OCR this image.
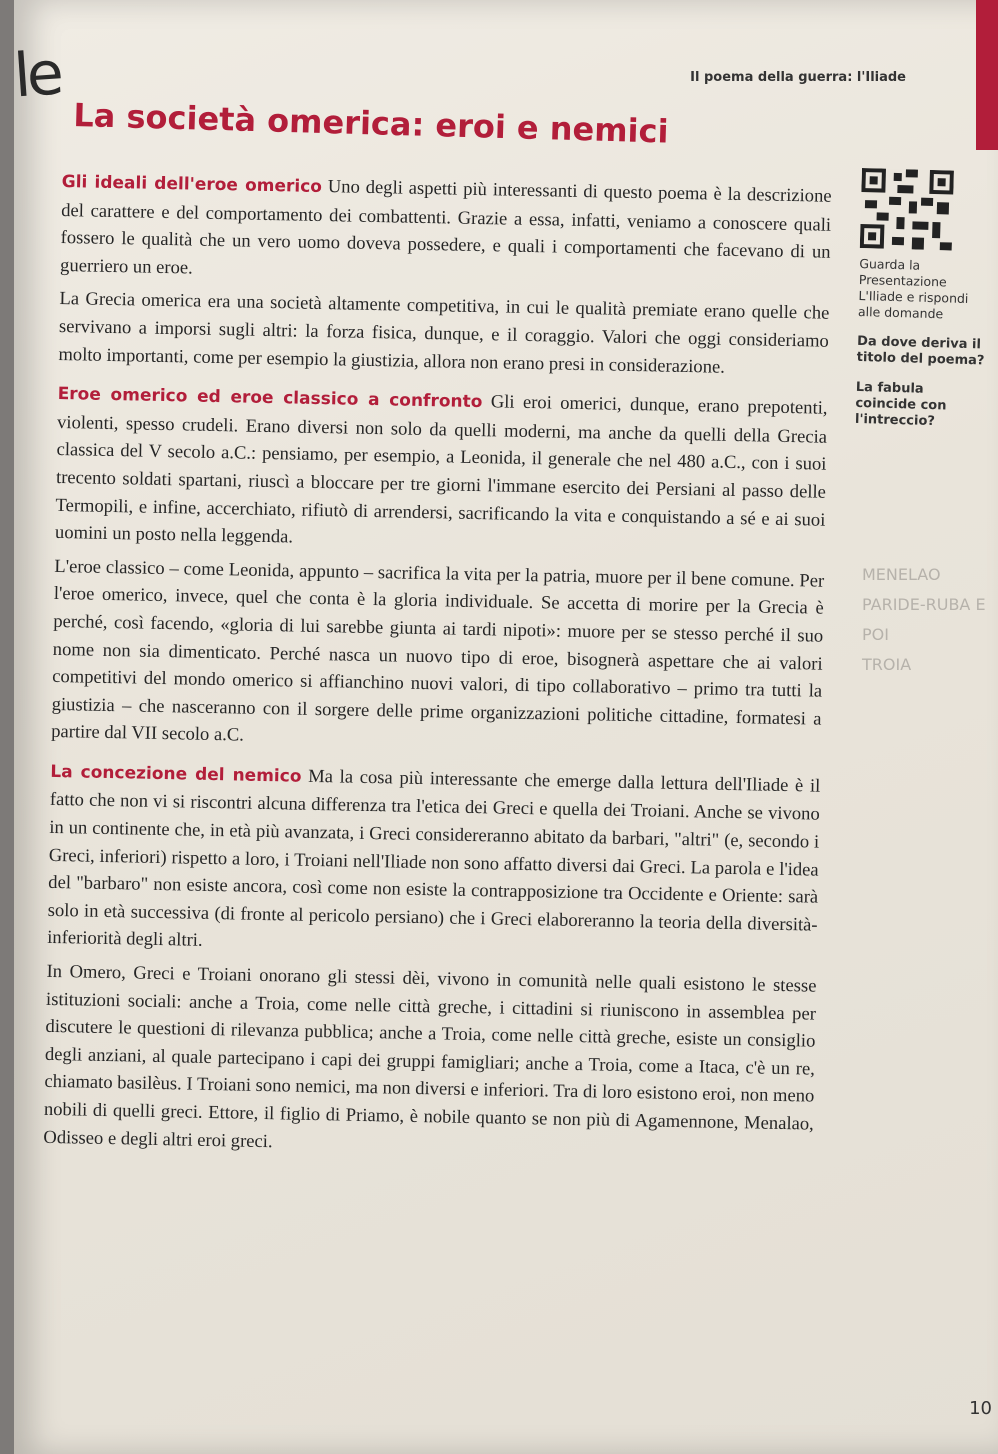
le	Il poema della guerra: l'Iliade
La società omerica: eroi e nemici

Gli ideali dell'eroe omerico Uno degli aspetti più interessanti di questo poema è la descrizione del carattere e del comportamento dei combattenti. Grazie a essa, infatti, veniamo a conoscere quali fossero le qualità che un vero uomo doveva possedere, e quali i comportamenti che facevano di un guerriero un eroe.

La Grecia omerica era una società altamente competitiva, in cui le qualità premiate erano quelle che servivano a imporsi sugli altri: la forza fisica, dunque, e il coraggio. Valori che oggi consideriamo molto importanti, come per esempio la giustizia, allora non erano presi in considerazione.

Eroe omerico ed eroe classico a confronto Gli eroi omerici, dunque, erano prepotenti, violenti, spesso crudeli. Erano diversi non solo da quelli moderni, ma anche da quelli della Grecia classica del V secolo a.C.: pensiamo, per esempio, a Leonida, il generale che nel 480 a.C., con i suoi trecento soldati spartani, riuscì a bloccare per tre giorni l'immane esercito dei Persiani al passo delle Termopili, e infine, accerchiato, rifiutò di arrendersi, sacrificando la vita e conquistando a sé e ai suoi uomini un posto nella leggenda.

L'eroe classico – come Leonida, appunto – sacrifica la vita per la patria, muore per il bene comune. Per l'eroe omerico, invece, quel che conta è la gloria individuale. Se accetta di morire per la Grecia è perché, così facendo, «gloria di lui sarebbe giunta ai tardi nipoti»: muore per se stesso perché il suo nome non sia dimenticato. Perché nasca un nuovo tipo di eroe, bisognerà aspettare che ai valori competitivi del mondo omerico si affianchino nuovi valori, di tipo collaborativo – primo tra tutti la giustizia – che nasceranno con il sorgere delle prime organizzazioni politiche cittadine, formatesi a partire dal VII secolo a.C.

La concezione del nemico Ma la cosa più interessante che emerge dalla lettura dell'Iliade è il fatto che non vi si riscontri alcuna differenza tra l'etica dei Greci e quella dei Troiani. Anche se vivono in un continente che, in età più avanzata, i Greci considereranno abitato da barbari, "altri" (e, secondo i Greci, inferiori) rispetto a loro, i Troiani nell'Iliade non sono affatto diversi dai Greci. La parola e l'idea del "barbaro" non esiste ancora, così come non esiste la contrapposizione tra Occidente e Oriente: sarà solo in età successiva (di fronte al pericolo persiano) che i Greci elaboreranno la teoria della diversità-inferiorità degli altri.

In Omero, Greci e Troiani onorano gli stessi dèi, vivono in comunità nelle quali esistono le stesse istituzioni sociali: anche a Troia, come nelle città greche, i cittadini si riuniscono in assemblea per discutere le questioni di rilevanza pubblica; anche a Troia, come nelle città greche, esiste un consiglio degli anziani, al quale partecipano i capi dei gruppi famigliari; anche a Troia, come a Itaca, c'è un re, chiamato basilèus. I Troiani sono nemici, ma non diversi e inferiori. Tra di loro esistono eroi, non meno nobili di quelli greci. Ettore, il figlio di Priamo, è nobile quanto se non più di Agamennone, Menalao, Odisseo e degli altri eroi greci.

Guarda la Presentazione L'Iliade e rispondi alle domande
Da dove deriva il titolo del poema?
La fabula coincide con l'intreccio?
MENELAO
PARIDE-RUBA E
POI
TROIA
10
